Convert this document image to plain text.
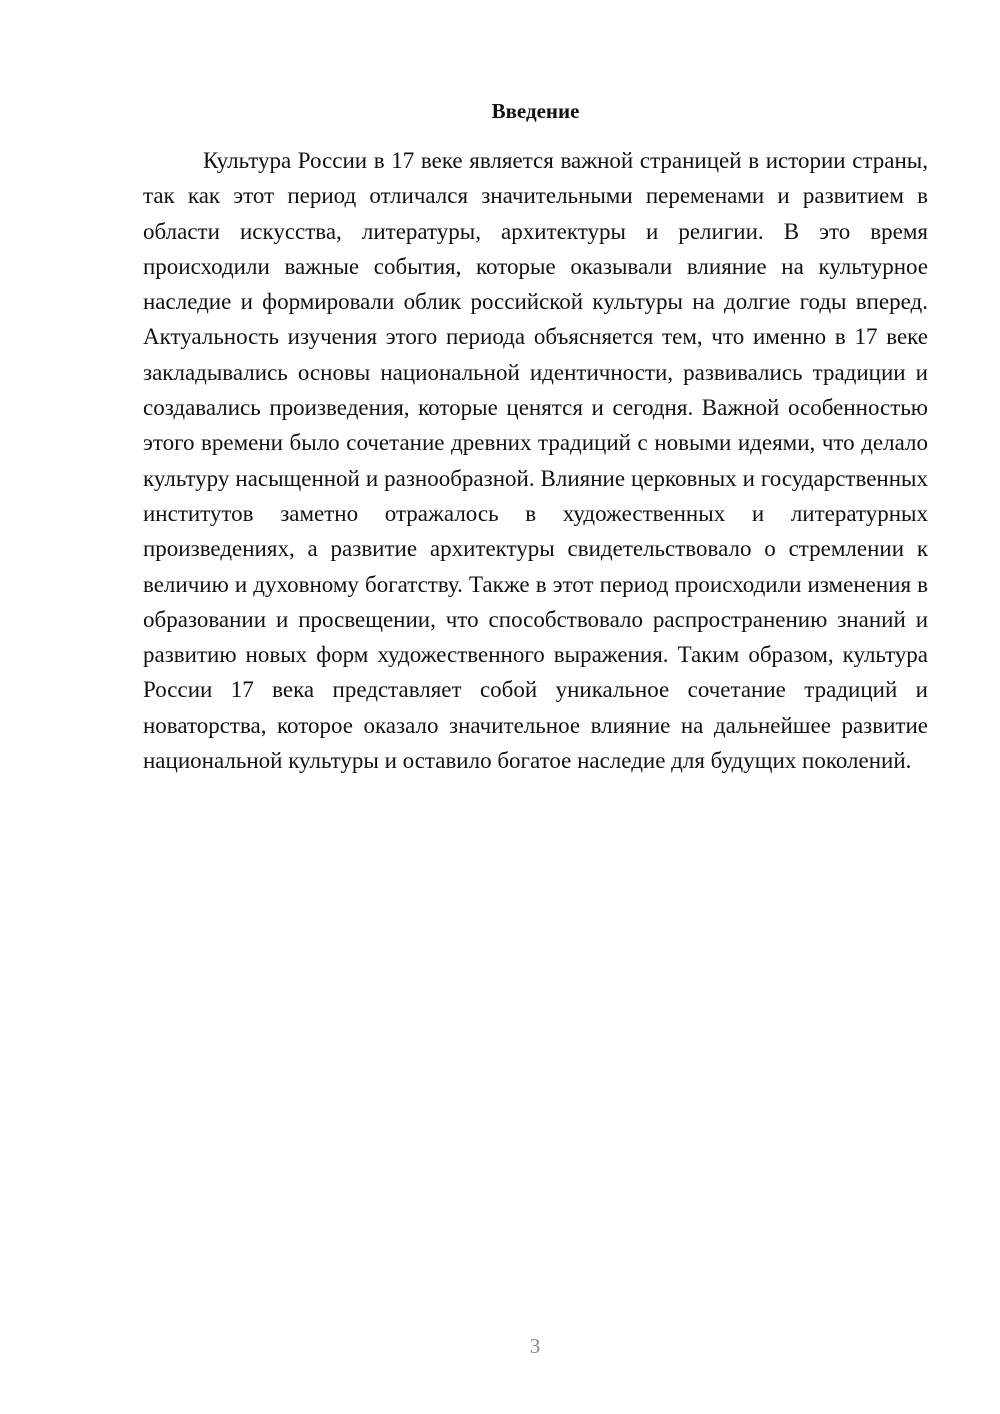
Введение

Культура России в 17 веке является важной страницей в истории страны, так как этот период отличался значительными переменами и развитием в области искусства, литературы, архитектуры и религии. В это время происходили важные события, которые оказывали влияние на культурное наследие и формировали облик российской культуры на долгие годы вперед. Актуальность изучения этого периода объясняется тем, что именно в 17 веке закладывались основы национальной идентичности, развивались традиции и создавались произведения, которые ценятся и сегодня. Важной особенностью этого времени было сочетание древних традиций с новыми идеями, что делало культуру насыщенной и разнообразной. Влияние церковных и государственных институтов заметно отражалось в художественных и литературных произведениях, а развитие архитектуры свидетельствовало о стремлении к величию и духовному богатству. Также в этот период происходили изменения в образовании и просвещении, что способствовало распространению знаний и развитию новых форм художественного выражения. Таким образом, культура России 17 века представляет собой уникальное сочетание традиций и новаторства, которое оказало значительное влияние на дальнейшее развитие национальной культуры и оставило богатое наследие для будущих поколений.

3
